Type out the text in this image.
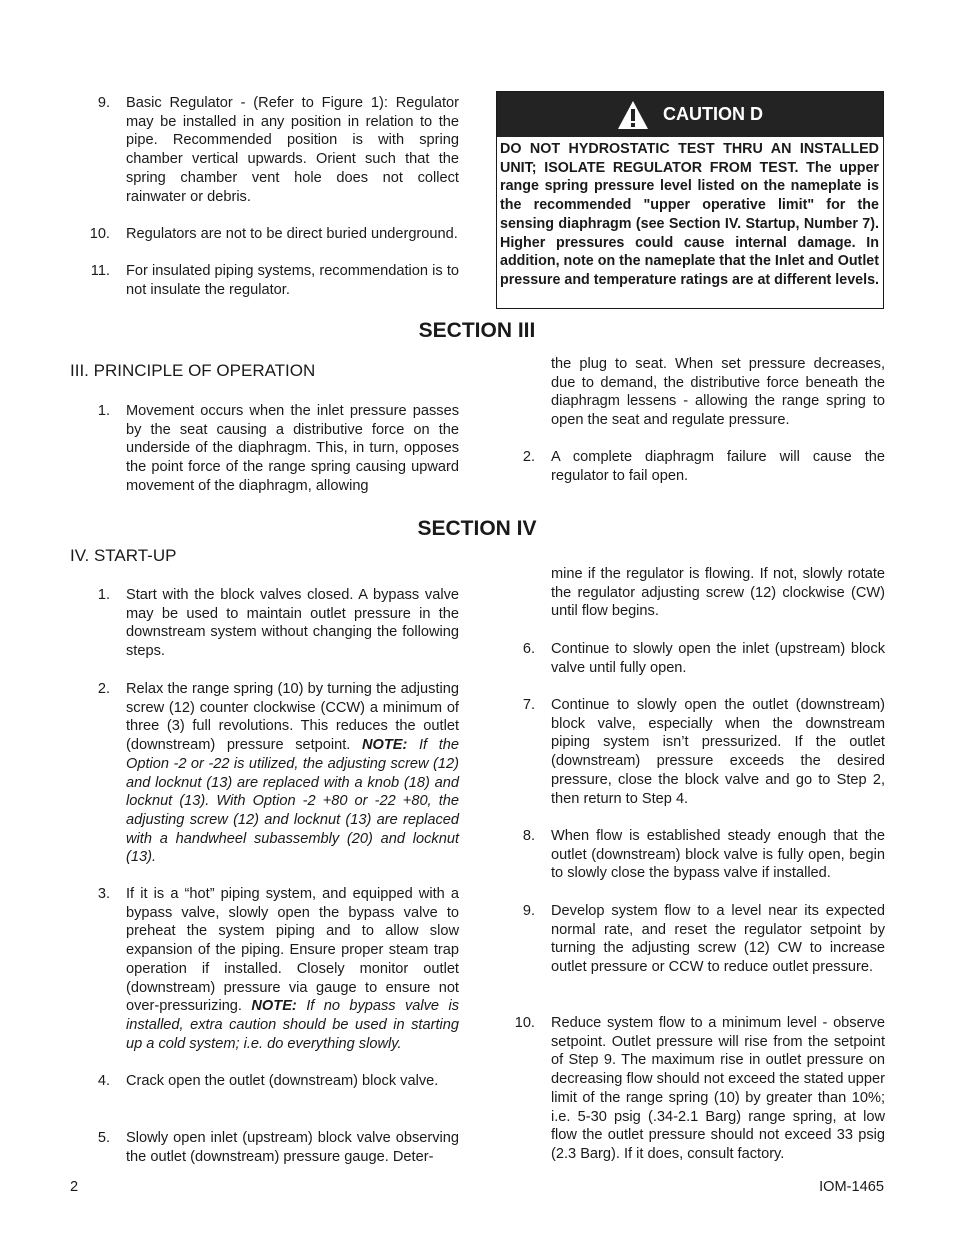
9.	Basic Regulator - (Refer to Figure 1): Regulator may be installed in any position in relation to the pipe. Recommended position is with spring chamber vertical upwards. Orient such that the spring chamber vent hole does not collect rainwater or debris.
10.	Regulators are not to be direct buried underground.
11.	For insulated piping systems, recommendation is to not insulate the regulator.
CAUTION D
DO NOT HYDROSTATIC TEST THRU AN INSTALLED UNIT; ISOLATE REGULATOR FROM TEST. The upper range spring pressure level listed on the nameplate is the recommended "upper operative limit" for the sensing diaphragm (see Section IV. Startup, Number 7). Higher pressures could cause internal damage. In addition, note on the nameplate that the Inlet and Outlet pressure and temperature ratings are at different levels.
SECTION III
III. PRINCIPLE OF OPERATION
1.	Movement occurs when the inlet pressure passes by the seat causing a distributive force on the underside of the diaphragm. This, in turn, opposes the point force of the range spring causing upward movement of the diaphragm, allowing
the plug to seat. When set pressure decreases, due to demand, the distributive force beneath the diaphragm lessens - allowing the range spring to open the seat and regulate pressure.
2.	A complete diaphragm failure will cause the regulator to fail open.
SECTION IV
IV. START-UP
1.	Start with the block valves closed. A bypass valve may be used to maintain outlet pressure in the downstream system without changing the following steps.
2.	Relax the range spring (10) by turning the adjusting screw (12) counter clockwise (CCW) a minimum of three (3) full revolutions. This reduces the outlet (downstream) pressure setpoint. NOTE: If the Option -2 or -22 is utilized, the adjusting screw (12) and locknut (13) are replaced with a knob (18) and locknut (13). With Option -2 +80 or -22 +80, the adjusting screw (12) and locknut (13) are replaced with a handwheel subassembly (20) and locknut (13).
3.	If it is a “hot” piping system, and equipped with a bypass valve, slowly open the bypass valve to preheat the system piping and to allow slow expansion of the piping. Ensure proper steam trap operation if installed. Closely monitor outlet (downstream) pressure via gauge to ensure not over-pressurizing. NOTE: If no bypass valve is installed, extra caution should be used in starting up a cold system; i.e. do everything slowly.
4.	Crack open the outlet (downstream) block valve.
5.	Slowly open inlet (upstream) block valve observing the outlet (downstream) pressure gauge. Deter-
mine if the regulator is flowing. If not, slowly rotate the regulator adjusting screw (12) clockwise (CW) until flow begins.
6.	Continue to slowly open the inlet (upstream) block valve until fully open.
7.	Continue to slowly open the outlet (downstream) block valve, especially when the downstream piping system isn’t pressurized. If the outlet (downstream) pressure exceeds the desired pressure, close the block valve and go to Step 2, then return to Step 4.
8.	When flow is established steady enough that the outlet (downstream) block valve is fully open, begin to slowly close the bypass valve if installed.
9.	Develop system flow to a level near its expected normal rate, and reset the regulator setpoint by turning the adjusting screw (12) CW to increase outlet pressure or CCW to reduce outlet pressure.
10.	Reduce system flow to a minimum level - observe setpoint. Outlet pressure will rise from the setpoint of Step 9. The maximum rise in outlet pressure on decreasing flow should not exceed the stated upper limit of the range spring (10) by greater than 10%; i.e. 5-30 psig (.34-2.1 Barg) range spring, at low flow the outlet pressure should not exceed 33 psig (2.3 Barg). If it does, consult factory.
2	IOM-1465
